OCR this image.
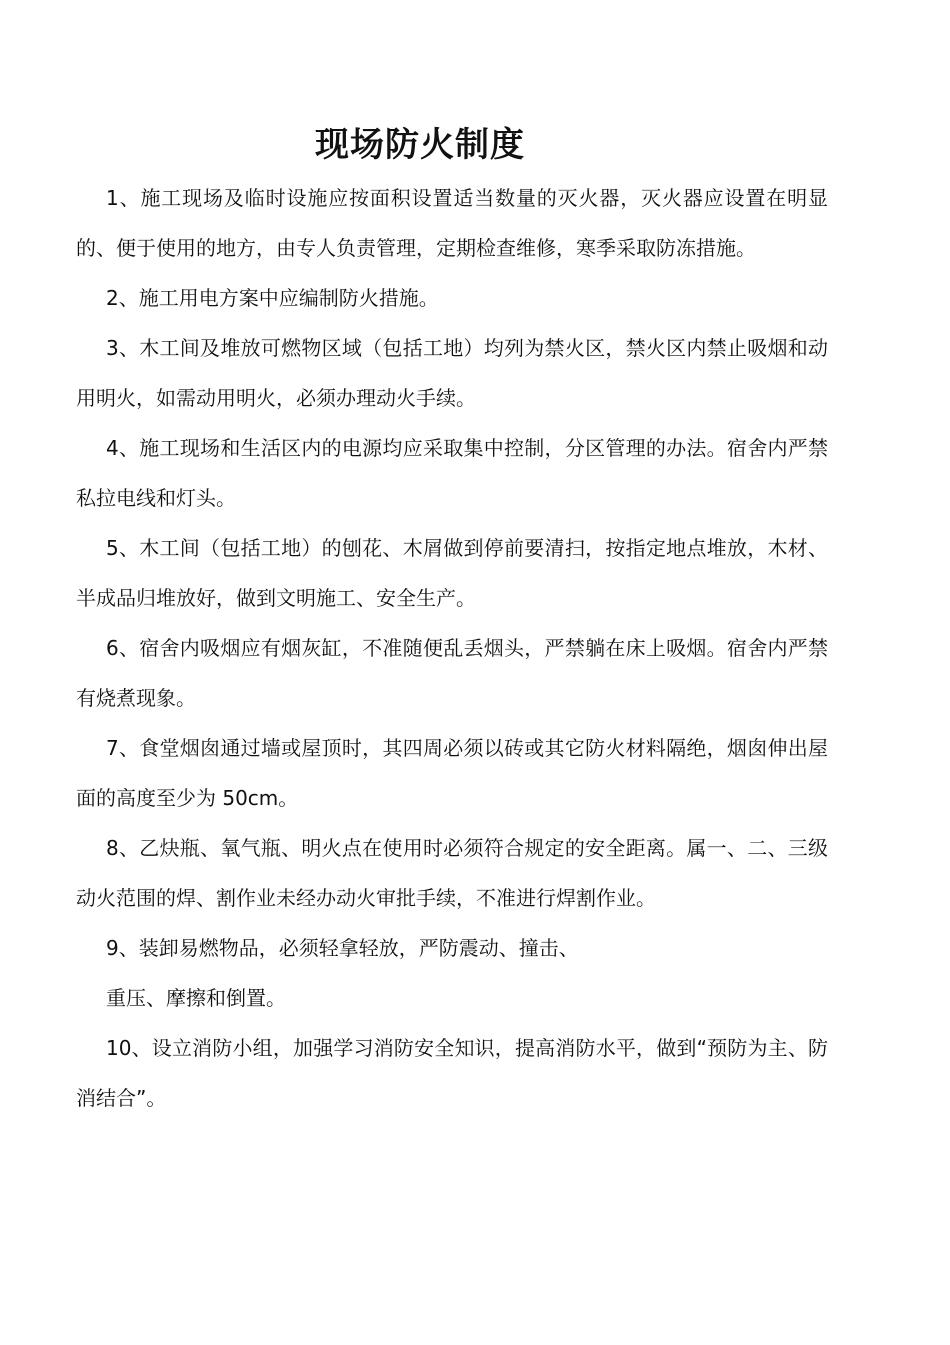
现场防火制度
1、施工现场及临时设施应按面积设置适当数量的灭火器，灭火器应设置在明显的、便于使用的地方，由专人负责管理，定期检查维修，寒季采取防冻措施。
2、施工用电方案中应编制防火措施。
3、木工间及堆放可燃物区域（包括工地）均列为禁火区，禁火区内禁止吸烟和动用明火，如需动用明火，必须办理动火手续。
4、施工现场和生活区内的电源均应采取集中控制，分区管理的办法。宿舍内严禁私拉电线和灯头。
5、木工间（包括工地）的刨花、木屑做到停前要清扫，按指定地点堆放，木材、半成品归堆放好，做到文明施工、安全生产。
6、宿舍内吸烟应有烟灰缸，不准随便乱丢烟头，严禁躺在床上吸烟。宿舍内严禁有烧煮现象。
7、食堂烟囱通过墙或屋顶时，其四周必须以砖或其它防火材料隔绝，烟囱伸出屋面的高度至少为 50cm。
8、乙炔瓶、氧气瓶、明火点在使用时必须符合规定的安全距离。属一、二、三级动火范围的焊、割作业未经办动火审批手续，不准进行焊割作业。
9、装卸易燃物品，必须轻拿轻放，严防震动、撞击、
重压、摩擦和倒置。
10、设立消防小组，加强学习消防安全知识，提高消防水平，做到“预防为主、防消结合”。
